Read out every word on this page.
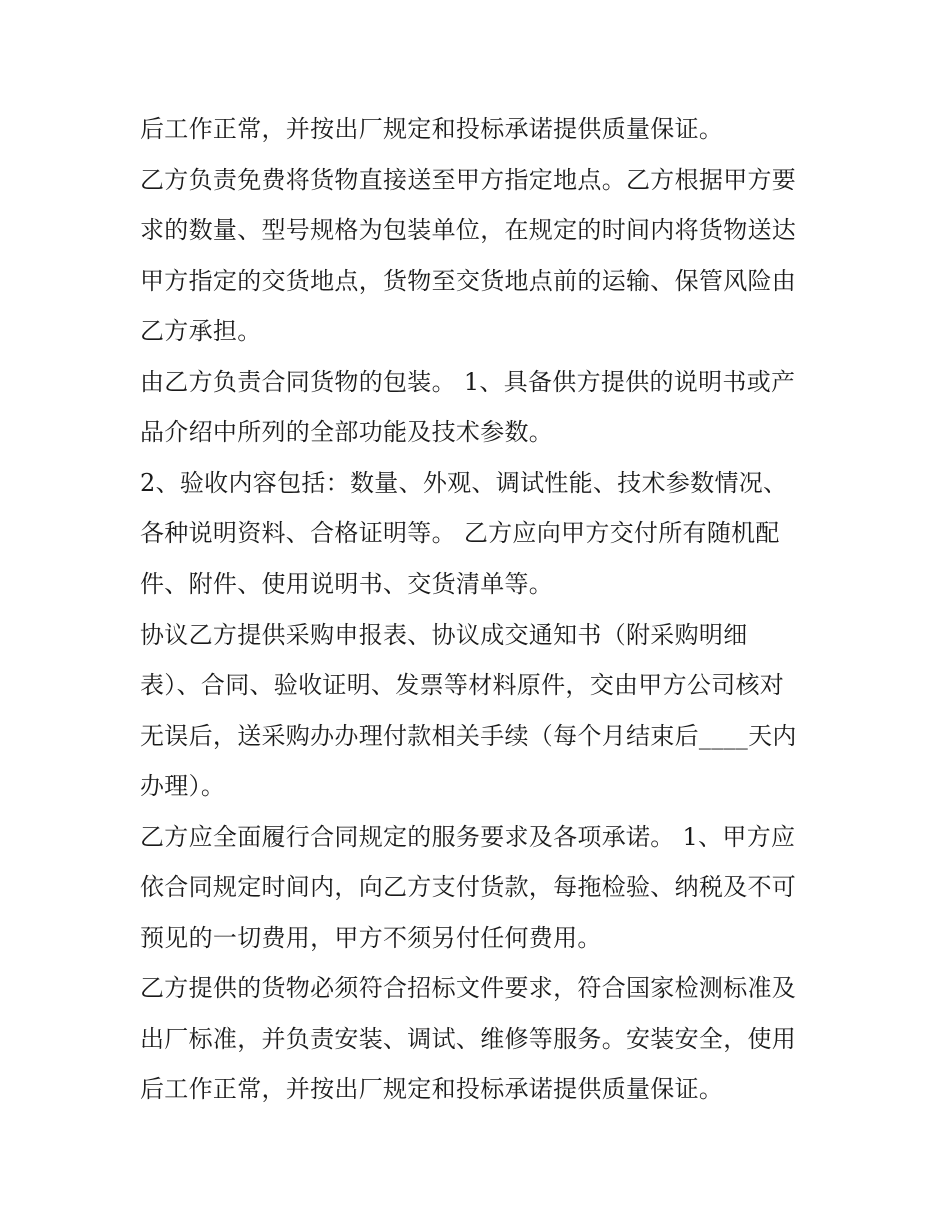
后工作正常，并按出厂规定和投标承诺提供质量保证。
乙方负责免费将货物直接送至甲方指定地点。乙方根据甲方要
求的数量、型号规格为包装单位，在规定的时间内将货物送达
甲方指定的交货地点，货物至交货地点前的运输、保管风险由
乙方承担。
由乙方负责合同货物的包装。 1、具备供方提供的说明书或产
品介绍中所列的全部功能及技术参数。
2、验收内容包括：数量、外观、调试性能、技术参数情况、
各种说明资料、合格证明等。 乙方应向甲方交付所有随机配
件、附件、使用说明书、交货清单等。
协议乙方提供采购申报表、协议成交通知书（附采购明细
表）、合同、验收证明、发票等材料原件，交由甲方公司核对
无误后，送采购办办理付款相关手续（每个月结束后____天内
办理）。
乙方应全面履行合同规定的服务要求及各项承诺。 1、甲方应
依合同规定时间内，向乙方支付货款，每拖检验、纳税及不可
预见的一切费用，甲方不须另付任何费用。
乙方提供的货物必须符合招标文件要求，符合国家检测标准及
出厂标准，并负责安装、调试、维修等服务。安装安全，使用
后工作正常，并按出厂规定和投标承诺提供质量保证。
